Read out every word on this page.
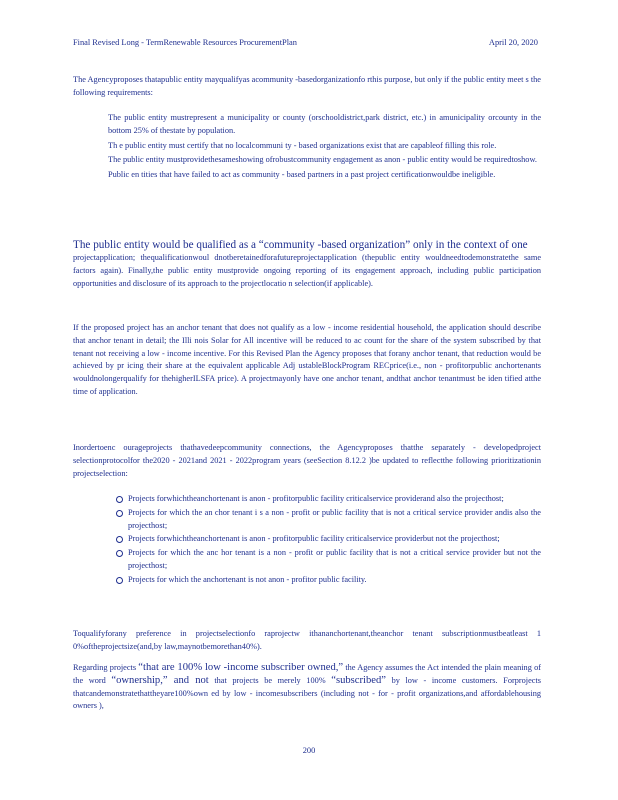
Final Revised Long - TermRenewable Resources ProcurementPlan	April 20, 2020
The Agencyproposes thatapublic entity mayqualifyas acommunity -basedorganizationfo rthis purpose, but only if the public entity meet s the following requirements:
The public entity mustrepresent a municipality or county (orschooldistrict,park district, etc.) in amunicipality orcounty in the bottom 25% of thestate by population.
Th e public entity must certify that no localcommuni ty - based organizations exist that are capableof filling this role.
The public entity mustprovidethesameshowing ofrobustcommunity engagement as anon - public entity would be requiredtoshow.
Public en tities that have failed to act as community - based partners in a past project certificationwouldbe ineligible.
The public entity would be qualified as a “community -based organization” only in the context of one
projectapplication; thequalificationwoul dnotberetainedforafutureprojectapplication (thepublic entity wouldneedtodemonstratethe same factors again). Finally,the public entity mustprovide ongoing reporting of its engagement approach, including public participation opportunities and disclosure of its approach to the projectlocatio n selection(if applicable).
If the proposed project has an anchor tenant that does not qualify as a low - income residential household, the application should describe that anchor tenant in detail; the Illi nois Solar for All incentive will be reduced to ac count for the share of the system subscribed by that tenant not receiving a low - income incentive. For this Revised Plan the Agency proposes that forany anchor tenant, that reduction would be achieved by pr icing their share at the equivalent applicable Adj ustableBlockProgram RECprice(i.e., non - profitorpublic anchortenants wouldnolongerqualify for thehigherILSFA price). A projectmayonly have one anchor tenant, andthat anchor tenantmust be iden tified atthe time of application.
Inordertoenc ourageprojects thathavedeepcommunity connections, the Agencyproposes thatthe separately - developedproject selectionprotocolfor the2020 - 2021and 2021 - 2022program years (seeSection 8.12.2 )be updated to reflectthe following prioritizationin projectselection:
Projects forwhichtheanchortenant is anon - profitorpublic facility criticalservice providerand also the projecthost;
Projects for which the an chor tenant i s a non - profit or public facility that is not a critical service provider andis also the projecthost;
Projects forwhichtheanchortenant is anon - profitorpublic facility criticalservice providerbut not the projecthost;
Projects for which the anc hor tenant is a non - profit or public facility that is not a critical service provider but not the projecthost;
Projects for which the anchortenant is not anon - profitor public facility.
Toqualifyforany preference in projectselectionfo raprojectw ithananchortenant,theanchor tenant subscriptionmustbeatleast 1 0%oftheprojectsize(and,by law,maynotbemorethan40%).
Regarding projects “that are 100% low -income subscriber owned,” the Agency assumes the Act intended the plain meaning of the word “ownership,” and not that projects be merely 100% “subscribed” by low - income customers. Forprojects thatcandemonstratethattheyare100%own ed by low - incomesubscribers (including not - for - profit organizations,and affordablehousing owners ),
200
